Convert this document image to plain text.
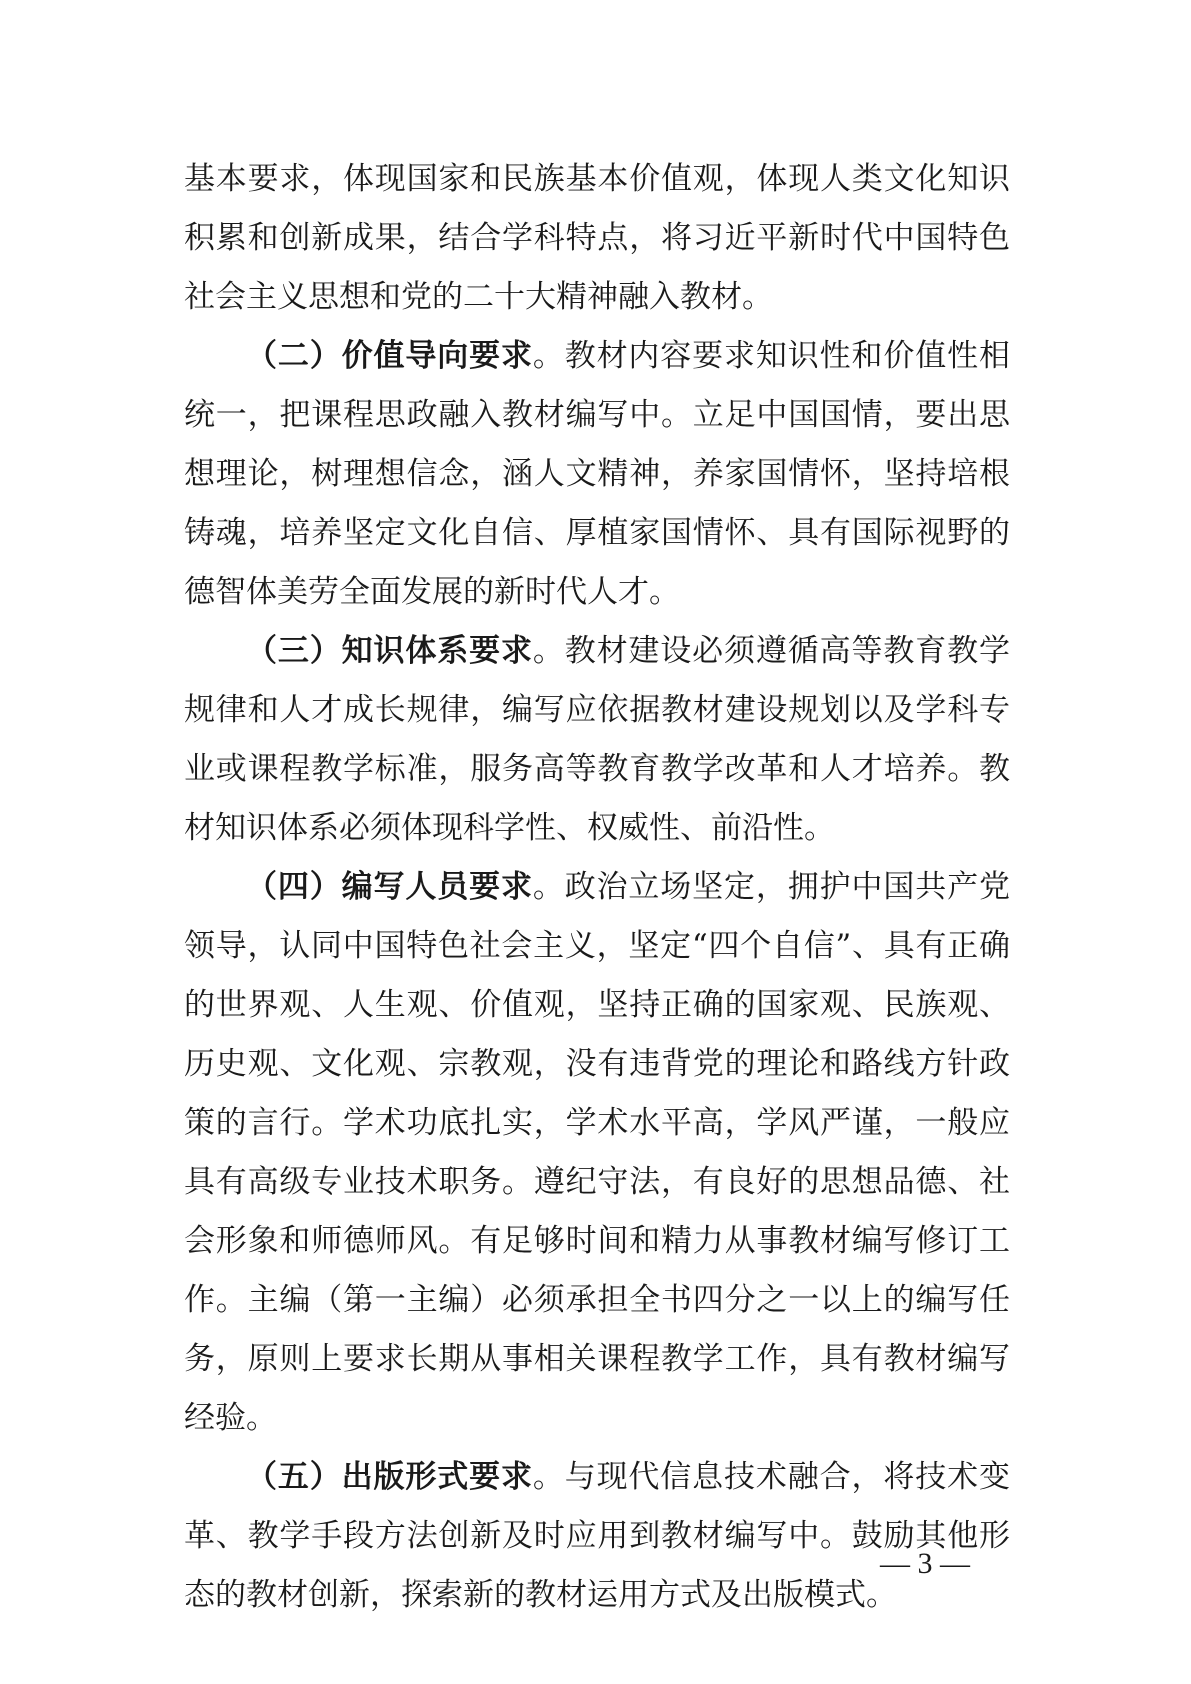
基本要求，体现国家和民族基本价值观，体现人类文化知识积累和创新成果，结合学科特点，将习近平新时代中国特色社会主义思想和党的二十大精神融入教材。

（二）价值导向要求。教材内容要求知识性和价值性相统一，把课程思政融入教材编写中。立足中国国情，要出思想理论，树理想信念，涵人文精神，养家国情怀，坚持培根铸魂，培养坚定文化自信、厚植家国情怀、具有国际视野的德智体美劳全面发展的新时代人才。

（三）知识体系要求。教材建设必须遵循高等教育教学规律和人才成长规律，编写应依据教材建设规划以及学科专业或课程教学标准，服务高等教育教学改革和人才培养。教材知识体系必须体现科学性、权威性、前沿性。

（四）编写人员要求。政治立场坚定，拥护中国共产党领导，认同中国特色社会主义，坚定“四个自信”、具有正确的世界观、人生观、价值观，坚持正确的国家观、民族观、历史观、文化观、宗教观，没有违背党的理论和路线方针政策的言行。学术功底扎实，学术水平高，学风严谨，一般应具有高级专业技术职务。遵纪守法，有良好的思想品德、社会形象和师德师风。有足够时间和精力从事教材编写修订工作。主编（第一主编）必须承担全书四分之一以上的编写任务，原则上要求长期从事相关课程教学工作，具有教材编写经验。

（五）出版形式要求。与现代信息技术融合，将技术变革、教学手段方法创新及时应用到教材编写中。鼓励其他形态的教材创新，探索新的教材运用方式及出版模式。

— 3 —
